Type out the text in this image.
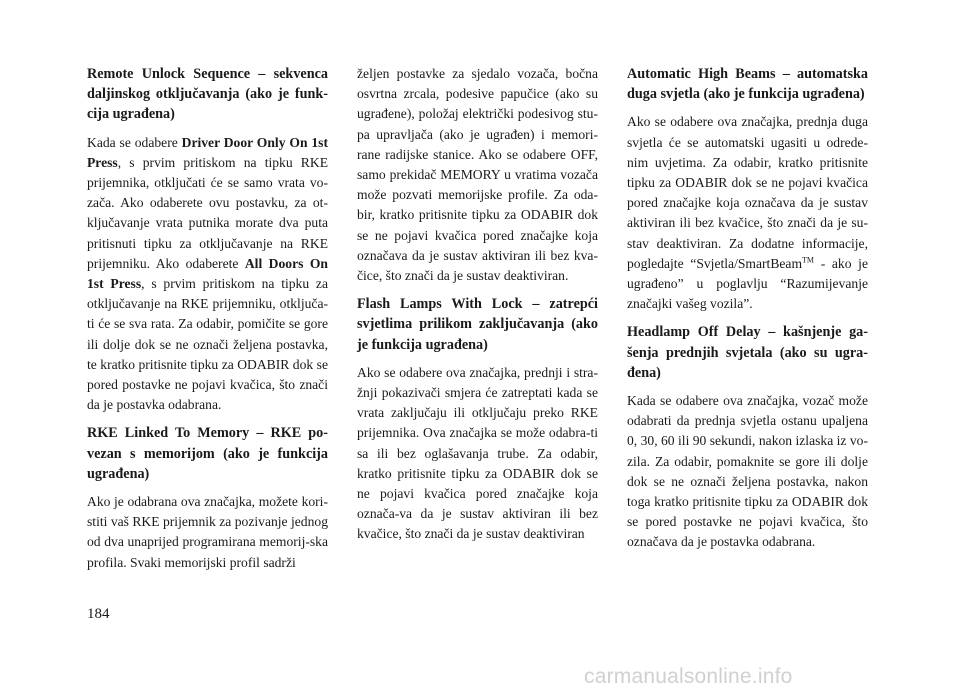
Remote Unlock Sequence – sekvenca daljinskog otključavanja (ako je funk-cija ugrađena)

Kada se odabere Driver Door Only On 1st Press, s prvim pritiskom na tipku RKE prijemnika, otključati će se samo vrata vo-zača. Ako odaberete ovu postavku, za ot-ključavanje vrata putnika morate dva puta pritisnuti tipku za otključavanje na RKE prijemniku. Ako odaberete All Doors On 1st Press, s prvim pritiskom na tipku za otključavanje na RKE prijemniku, otključa-ti će se sva rata. Za odabir, pomičite se gore ili dolje dok se ne označi željena postavka, te kratko pritisnite tipku za ODABIR dok se pored postavke ne pojavi kvačica, što znači da je postavka odabrana.

RKE Linked To Memory – RKE po-vezan s memorijom (ako je funkcija ugrađena)

Ako je odabrana ova značajka, možete kori-stiti vaš RKE prijemnik za pozivanje jednog od dva unaprijed programirana memorij-ska profila. Svaki memorijski profil sadrži

željen postavke za sjedalo vozača, bočna osvrtna zrcala, podesive papučice (ako su ugrađene), položaj električki podesivog stu-pa upravljača (ako je ugrađen) i memori-rane radijske stanice. Ako se odabere OFF, samo prekidač MEMORY u vratima vozača može pozvati memorijske profile. Za oda-bir, kratko pritisnite tipku za ODABIR dok se ne pojavi kvačica pored značajke koja označava da je sustav aktiviran ili bez kva-čice, što znači da je sustav deaktiviran.

Flash Lamps With Lock – zatrepći svjetlima prilikom zaključavanja (ako je funkcija ugrađena)

Ako se odabere ova značajka, prednji i stra-žnji pokazivači smjera će zatreptati kada se vrata zaključaju ili otključaju preko RKE prijemnika. Ova značajka se može odabra-ti sa ili bez oglašavanja trube. Za odabir, kratko pritisnite tipku za ODABIR dok se ne pojavi kvačica pored značajke koja označa-va da je sustav aktiviran ili bez kvačice, što znači da je sustav deaktiviran

Automatic High Beams – automatska duga svjetla (ako je funkcija ugrađena)

Ako se odabere ova značajka, prednja duga svjetla će se automatski ugasiti u odrede-nim uvjetima. Za odabir, kratko pritisnite tipku za ODABIR dok se ne pojavi kvačica pored značajke koja označava da je sustav aktiviran ili bez kvačice, što znači da je su-stav deaktiviran. Za dodatne informacije, pogledajte “Svjetla/SmartBeam™ - ako je ugrađeno” u poglavlju “Razumijevanje značajki vašeg vozila”.

Headlamp Off Delay – kašnjenje ga-šenja prednjih svjetala (ako su ugra-đena)

Kada se odabere ova značajka, vozač može odabrati da prednja svjetla ostanu upaljena 0, 30, 60 ili 90 sekundi, nakon izlaska iz vo-zila. Za odabir, pomaknite se gore ili dolje dok se ne označi željena postavka, nakon toga kratko pritisnite tipku za ODABIR dok se pored postavke ne pojavi kvačica, što označava da je postavka odabrana.

184
carmanualsonline.info
